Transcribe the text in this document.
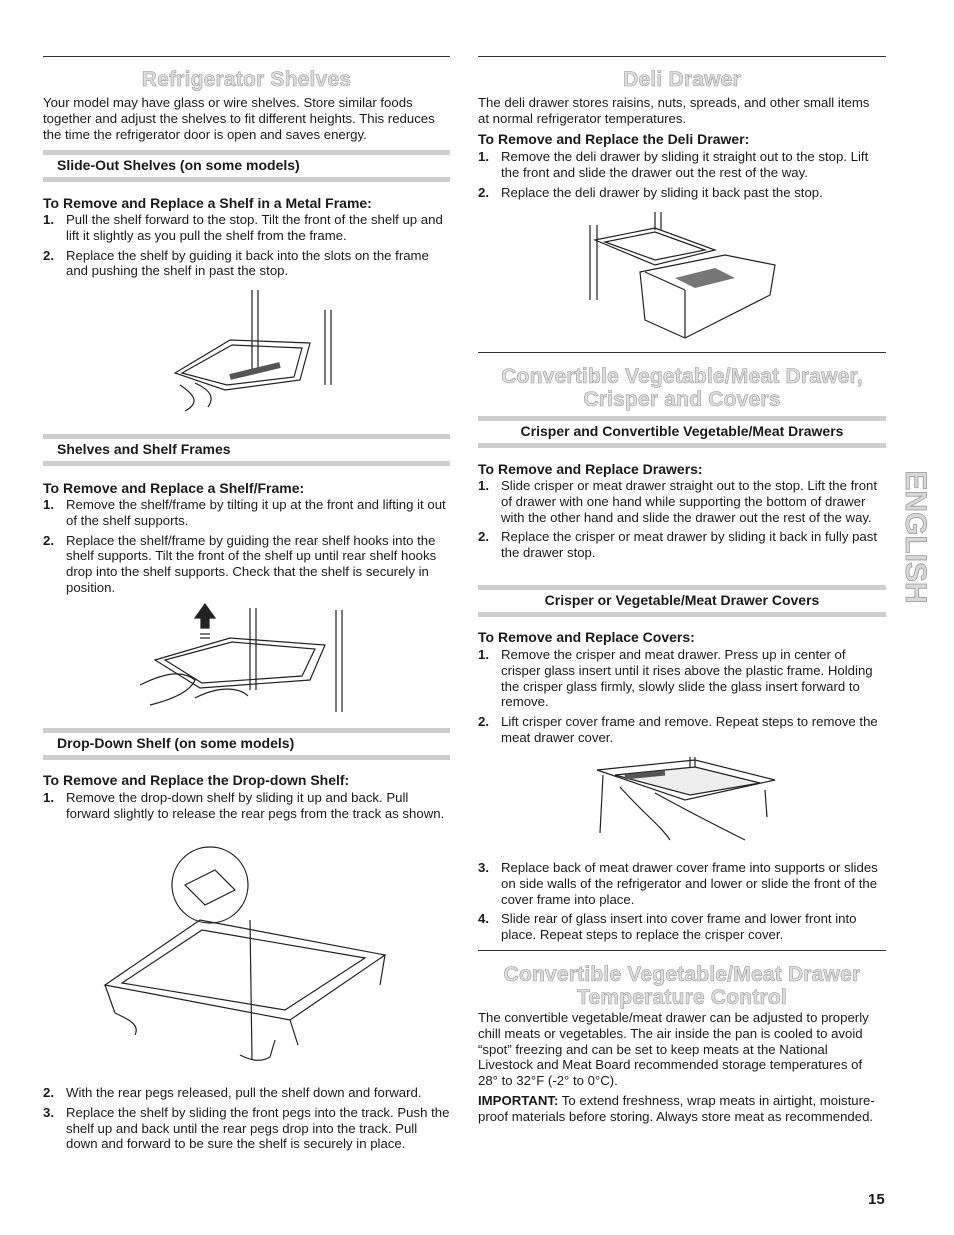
Refrigerator Shelves

Your model may have glass or wire shelves. Store similar foods together and adjust the shelves to fit different heights. This reduces the time the refrigerator door is open and saves energy.

Slide-Out Shelves (on some models)
To Remove and Replace a Shelf in a Metal Frame:
1. Pull the shelf forward to the stop. Tilt the front of the shelf up and lift it slightly as you pull the shelf from the frame.
2. Replace the shelf by guiding it back into the slots on the frame and pushing the shelf in past the stop.
Shelves and Shelf Frames
To Remove and Replace a Shelf/Frame:
1. Remove the shelf/frame by tilting it up at the front and lifting it out of the shelf supports.
2. Replace the shelf/frame by guiding the rear shelf hooks into the shelf supports. Tilt the front of the shelf up until rear shelf hooks drop into the shelf supports. Check that the shelf is securely in position.
Drop-Down Shelf (on some models)
To Remove and Replace the Drop-down Shelf:
1. Remove the drop-down shelf by sliding it up and back. Pull forward slightly to release the rear pegs from the track as shown.
2. With the rear pegs released, pull the shelf down and forward.
3. Replace the shelf by sliding the front pegs into the track. Push the shelf up and back until the rear pegs drop into the track. Pull down and forward to be sure the shelf is securely in place.
Deli Drawer

The deli drawer stores raisins, nuts, spreads, and other small items at normal refrigerator temperatures.

To Remove and Replace the Deli Drawer:
1. Remove the deli drawer by sliding it straight out to the stop. Lift the front and slide the drawer out the rest of the way.
2. Replace the deli drawer by sliding it back past the stop.
Convertible Vegetable/Meat Drawer,
Crisper and Covers
Crisper and Convertible Vegetable/Meat Drawers
To Remove and Replace Drawers:
1. Slide crisper or meat drawer straight out to the stop. Lift the front of drawer with one hand while supporting the bottom of drawer with the other hand and slide the drawer out the rest of the way.
2. Replace the crisper or meat drawer by sliding it back in fully past the drawer stop.
Crisper or Vegetable/Meat Drawer Covers
To Remove and Replace Covers:
1. Remove the crisper and meat drawer. Press up in center of crisper glass insert until it rises above the plastic frame. Holding the crisper glass firmly, slowly slide the glass insert forward to remove.
2. Lift crisper cover frame and remove. Repeat steps to remove the meat drawer cover.
3. Replace back of meat drawer cover frame into supports or slides on side walls of the refrigerator and lower or slide the front of the cover frame into place.
4. Slide rear of glass insert into cover frame and lower front into place. Repeat steps to replace the crisper cover.
Convertible Vegetable/Meat Drawer
Temperature Control

The convertible vegetable/meat drawer can be adjusted to properly chill meats or vegetables. The air inside the pan is cooled to avoid “spot” freezing and can be set to keep meats at the National Livestock and Meat Board recommended storage temperatures of 28° to 32°F (-2° to 0°C).

IMPORTANT: To extend freshness, wrap meats in airtight, moisture-proof materials before storing. Always store meat as recommended.

ENGLISH
15
